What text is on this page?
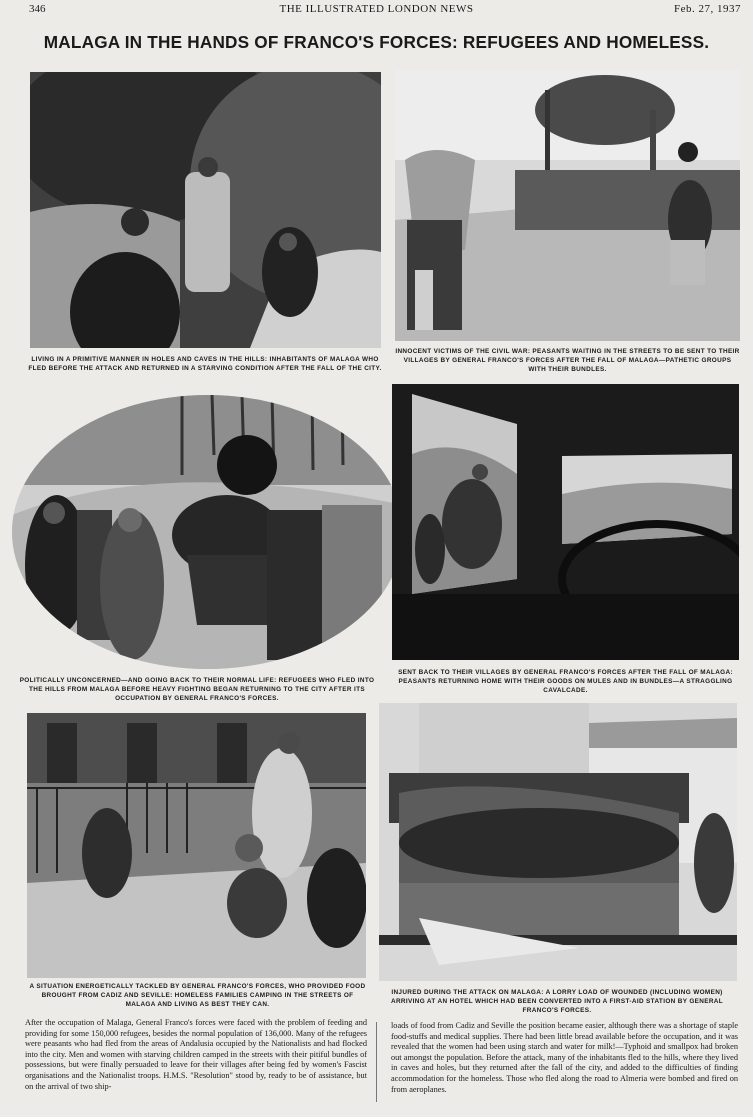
346	THE ILLUSTRATED LONDON NEWS	Feb. 27, 1937
MALAGA IN THE HANDS OF FRANCO'S FORCES: REFUGEES AND HOMELESS.
LIVING IN A PRIMITIVE MANNER IN HOLES AND CAVES IN THE HILLS: INHABITANTS OF MALAGA WHO FLED BEFORE THE ATTACK AND RETURNED IN A STARVING CONDITION AFTER THE FALL OF THE CITY.
INNOCENT VICTIMS OF THE CIVIL WAR: PEASANTS WAITING IN THE STREETS TO BE SENT TO THEIR VILLAGES BY GENERAL FRANCO'S FORCES AFTER THE FALL OF MALAGA—PATHETIC GROUPS WITH THEIR BUNDLES.
POLITICALLY UNCONCERNED—AND GOING BACK TO THEIR NORMAL LIFE: REFUGEES WHO FLED INTO THE HILLS FROM MALAGA BEFORE HEAVY FIGHTING BEGAN RETURNING TO THE CITY AFTER ITS OCCUPATION BY GENERAL FRANCO'S FORCES.
SENT BACK TO THEIR VILLAGES BY GENERAL FRANCO'S FORCES AFTER THE FALL OF MALAGA: PEASANTS RETURNING HOME WITH THEIR GOODS ON MULES AND IN BUNDLES—A STRAGGLING CAVALCADE.
A SITUATION ENERGETICALLY TACKLED BY GENERAL FRANCO'S FORCES, WHO PROVIDED FOOD BROUGHT FROM CADIZ AND SEVILLE: HOMELESS FAMILIES CAMPING IN THE STREETS OF MALAGA AND LIVING AS BEST THEY CAN.
INJURED DURING THE ATTACK ON MALAGA: A LORRY LOAD OF WOUNDED (INCLUDING WOMEN) ARRIVING AT AN HOTEL WHICH HAD BEEN CONVERTED INTO A FIRST-AID STATION BY GENERAL FRANCO'S FORCES.
After the occupation of Malaga, General Franco's forces were faced with the problem of feeding and providing for some 150,000 refugees, besides the normal population of 136,000. Many of the refugees were peasants who had fled from the areas of Andalusia occupied by the Nationalists and had flocked into the city. Men and women with starving children camped in the streets with their pitiful bundles of possessions, but were finally persuaded to leave for their villages after being fed by women's Fascist organisations and the Nationalist troops. H.M.S. "Resolution" stood by, ready to be of assistance, but on the arrival of two ship-
loads of food from Cadiz and Seville the position became easier, although there was a shortage of staple food-stuffs and medical supplies. There had been little bread available before the occupation, and it was revealed that the women had been using starch and water for milk!—Typhoid and smallpox had broken out amongst the population. Before the attack, many of the inhabitants fled to the hills, where they lived in caves and holes, but they returned after the fall of the city, and added to the difficulties of finding accommodation for the homeless. Those who fled along the road to Almeria were bombed and fired on from aeroplanes.
